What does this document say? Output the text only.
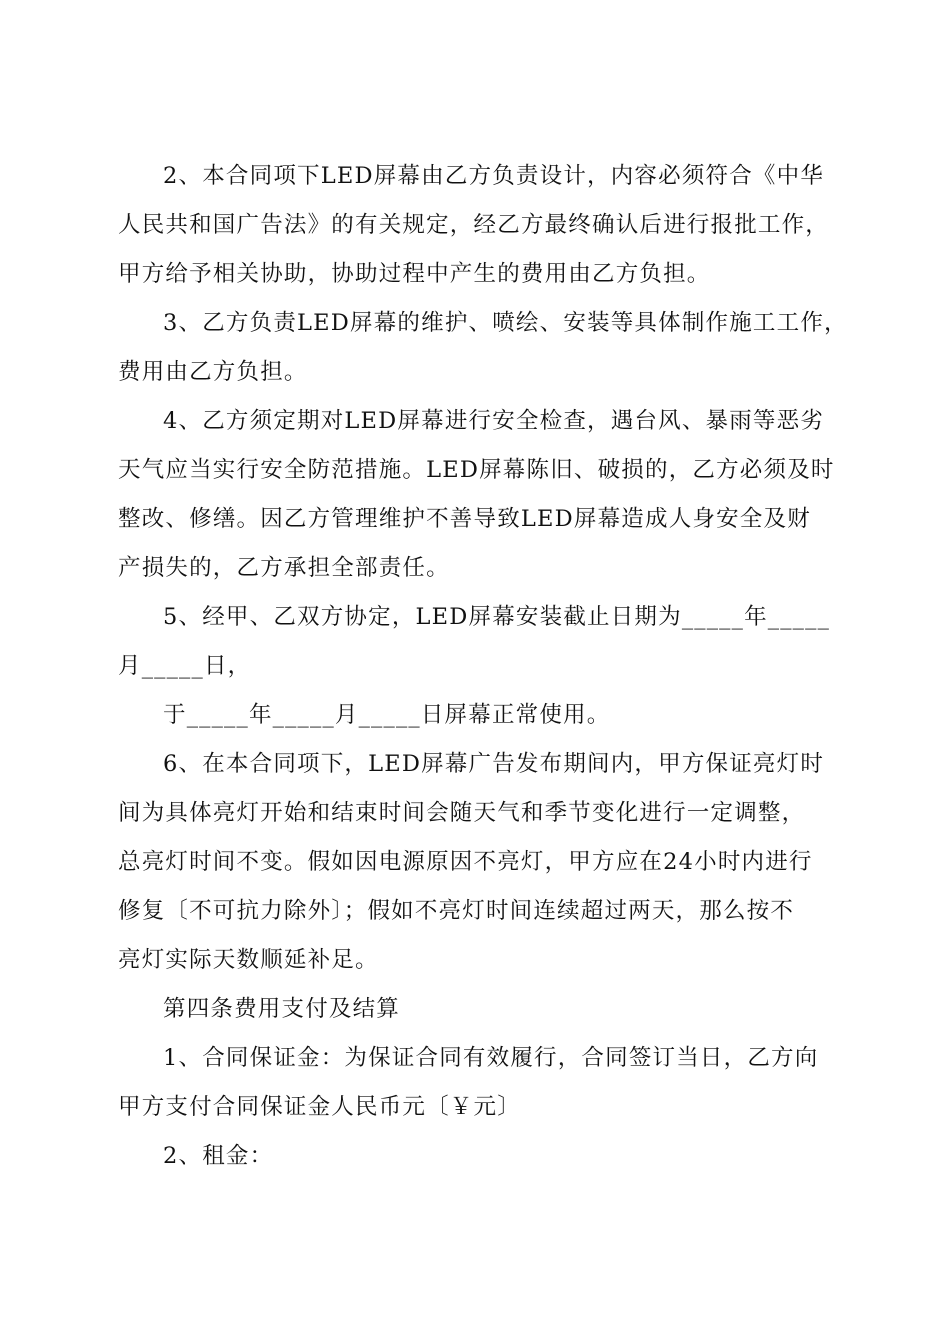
2、本合同项下LED屏幕由乙方负责设计，内容必须符合《中华
人民共和国广告法》的有关规定，经乙方最终确认后进行报批工作，
甲方给予相关协助，协助过程中产生的费用由乙方负担。
3、乙方负责LED屏幕的维护、喷绘、安装等具体制作施工工作，
费用由乙方负担。
4、乙方须定期对LED屏幕进行安全检查，遇台风、暴雨等恶劣
天气应当实行安全防范措施。LED屏幕陈旧、破损的，乙方必须及时
整改、修缮。因乙方管理维护不善导致LED屏幕造成人身安全及财
产损失的，乙方承担全部责任。
5、经甲、乙双方协定，LED屏幕安装截止日期为_____年_____
月_____日，
于_____年_____月_____日屏幕正常使用。
6、在本合同项下，LED屏幕广告发布期间内，甲方保证亮灯时
间为具体亮灯开始和结束时间会随天气和季节变化进行一定调整，
总亮灯时间不变。假如因电源原因不亮灯，甲方应在24小时内进行
修复〔不可抗力除外〕；假如不亮灯时间连续超过两天，那么按不
亮灯实际天数顺延补足。
第四条费用支付及结算
1、合同保证金：为保证合同有效履行，合同签订当日，乙方向
甲方支付合同保证金人民币元〔￥元〕
2、租金：
